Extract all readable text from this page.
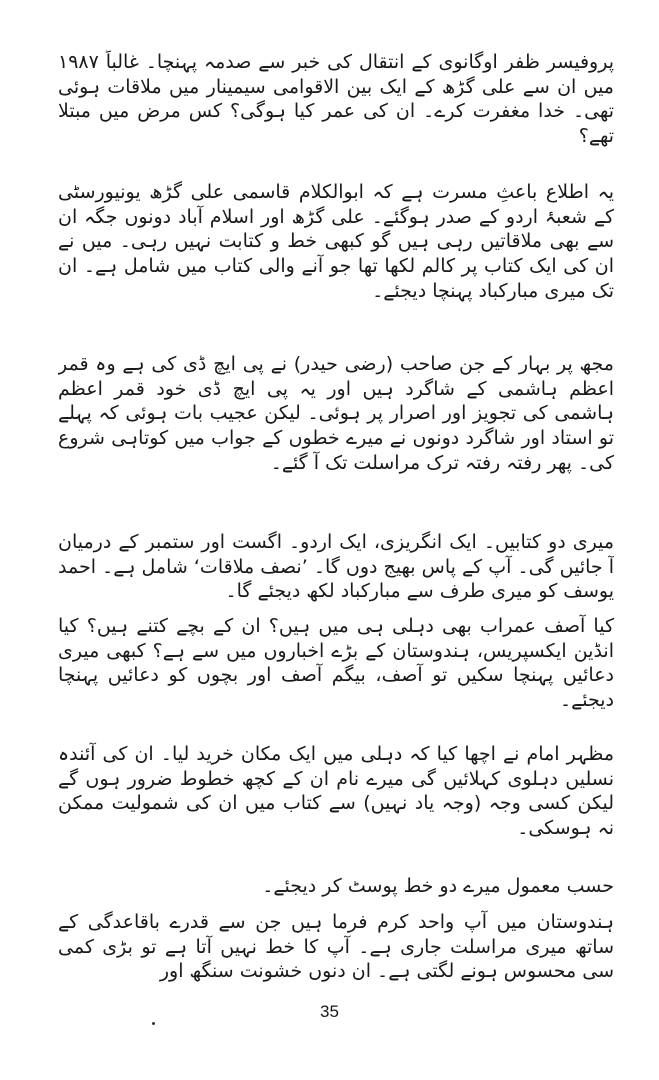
پروفیسر ظفر اوگانوی کے انتقال کی خبر سے صدمہ پہنچا۔ غالباً ۱۹۸۷ میں ان سے علی گڑھ کے ایک بین الاقوامی سیمینار میں ملاقات ہوئی تھی۔ خدا مغفرت کرے۔ ان کی عمر کیا ہوگی؟ کس مرض میں مبتلا تھے؟
یہ اطلاع باعثِ مسرت ہے کہ ابوالکلام قاسمی علی گڑھ یونیورسٹی کے شعبۂ اردو کے صدر ہوگئے۔ علی گڑھ اور اسلام آباد دونوں جگہ ان سے بھی ملاقاتیں رہی ہیں گو کبھی خط و کتابت نہیں رہی۔ میں نے ان کی ایک کتاب پر کالم لکھا تھا جو آنے والی کتاب میں شامل ہے۔ ان تک میری مبارکباد پہنچا دیجئے۔
مجھ پر بہار کے جن صاحب (رضی حیدر) نے پی ایچ ڈی کی ہے وہ قمر اعظم ہاشمی کے شاگرد ہیں اور یہ پی ایچ ڈی خود قمر اعظم ہاشمی کی تجویز اور اصرار پر ہوئی۔ لیکن عجیب بات ہوئی کہ پہلے تو استاد اور شاگرد دونوں نے میرے خطوں کے جواب میں کوتاہی شروع کی۔ پھر رفتہ رفتہ ترک مراسلت تک آ گئے۔
میری دو کتابیں۔ ایک انگریزی، ایک اردو۔ اگست اور ستمبر کے درمیان آ جائیں گی۔ آپ کے پاس بھیج دوں گا۔ ’نصف ملاقات‘ شامل ہے۔ احمد یوسف کو میری طرف سے مبارکباد لکھ دیجئے گا۔
کیا آصف عمراب بھی دہلی ہی میں ہیں؟ ان کے بچے کتنے ہیں؟ کیا انڈین ایکسپریس، ہندوستان کے بڑے اخباروں میں سے ہے؟ کبھی میری دعائیں پہنچا سکیں تو آصف، بیگم آصف اور بچوں کو دعائیں پہنچا دیجئے۔
مظہر امام نے اچھا کیا کہ دہلی میں ایک مکان خرید لیا۔ ان کی آئندہ نسلیں دہلوی کہلائیں گی میرے نام ان کے کچھ خطوط ضرور ہوں گے لیکن کسی وجہ (وجہ یاد نہیں) سے کتاب میں ان کی شمولیت ممکن نہ ہوسکی۔
حسب معمول میرے دو خط پوسٹ کر دیجئے۔
ہندوستان میں آپ واحد کرم فرما ہیں جن سے قدرے باقاعدگی کے ساتھ میری مراسلت جاری ہے۔ آپ کا خط نہیں آتا ہے تو بڑی کمی سی محسوس ہونے لگتی ہے۔ ان دنوں خشونت سنگھ اور
35
